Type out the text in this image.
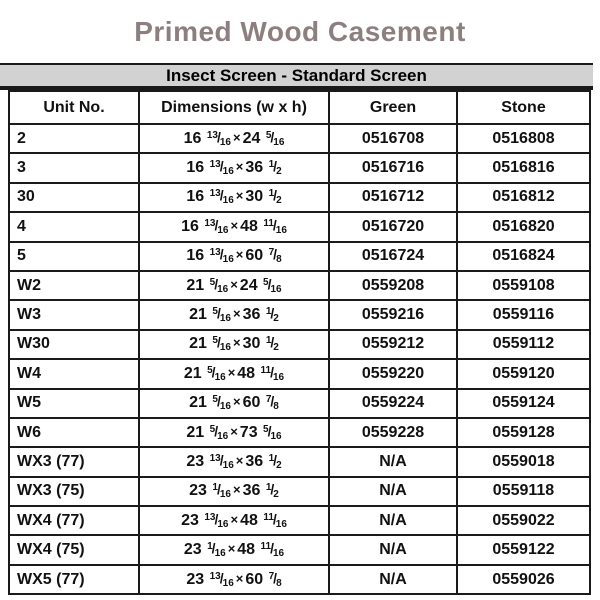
Primed Wood Casement
Insect Screen - Standard Screen
Unit No.	Dimensions (w x h)	Green	Stone
2	16 $^{13}$/16 × 24 $^5$/16	0516708	0516808
3	16 $^{13}$/16 × 36 $^1$/2	0516716	0516816
30	16 $^{13}$/16 × 30 $^1$/2	0516712	0516812
4	16 $^{13}$/16 × 48 $^{11}$/16	0516720	0516820
5	16 $^{13}$/16 × 60 $^7$/8	0516724	0516824
W2	21 $^5$/16 × 24 $^5$/16	0559208	0559108
W3	21 $^5$/16 × 36 $^1$/2	0559216	0559116
W30	21 $^5$/16 × 30 $^1$/2	0559212	0559112
W4	21 $^5$/16 × 48 $^{11}$/16	0559220	0559120
W5	21 $^5$/16 × 60 $^7$/8	0559224	0559124
W6	21 $^5$/16 × 73 $^5$/16	0559228	0559128
WX3 (77)	23 $^{13}$/16 × 36 $^1$/2	N/A	0559018
WX3 (75)	23 $^1$/16 × 36 $^1$/2	N/A	0559118
WX4 (77)	23 $^{13}$/16 × 48 $^{11}$/16	N/A	0559022
WX4 (75)	23 $^1$/16 × 48 $^{11}$/16	N/A	0559122
WX5 (77)	23 $^{13}$/16 × 60 $^7$/8	N/A	0559026
